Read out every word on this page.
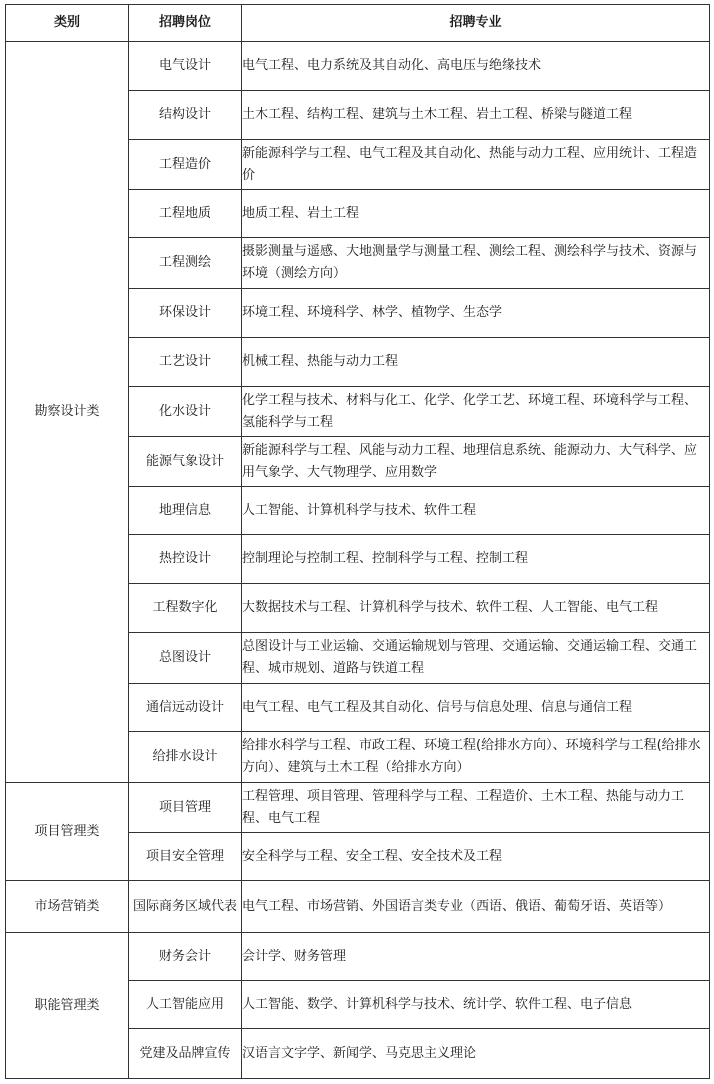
类别	招聘岗位	招聘专业
勘察设计类	电气设计	电气工程、电力系统及其自动化、高电压与绝缘技术
	结构设计	土木工程、结构工程、建筑与土木工程、岩土工程、桥梁与隧道工程
	工程造价	新能源科学与工程、电气工程及其自动化、热能与动力工程、应用统计、工程造价
	工程地质	地质工程、岩土工程
	工程测绘	摄影测量与遥感、大地测量学与测量工程、测绘工程、测绘科学与技术、资源与环境（测绘方向）
	环保设计	环境工程、环境科学、林学、植物学、生态学
	工艺设计	机械工程、热能与动力工程
	化水设计	化学工程与技术、材料与化工、化学、化学工艺、环境工程、环境科学与工程、氢能科学与工程
	能源气象设计	新能源科学与工程、风能与动力工程、地理信息系统、能源动力、大气科学、应用气象学、大气物理学、应用数学
	地理信息	人工智能、计算机科学与技术、软件工程
	热控设计	控制理论与控制工程、控制科学与工程、控制工程
	工程数字化	大数据技术与工程、计算机科学与技术、软件工程、人工智能、电气工程
	总图设计	总图设计与工业运输、交通运输规划与管理、交通运输、交通运输工程、交通工程、城市规划、道路与铁道工程
	通信远动设计	电气工程、电气工程及其自动化、信号与信息处理、信息与通信工程
	给排水设计	给排水科学与工程、市政工程、环境工程(给排水方向）、环境科学与工程(给排水方向）、建筑与土木工程（给排水方向）
项目管理类	项目管理	工程管理、项目管理、管理科学与工程、工程造价、土木工程、热能与动力工程、电气工程
	项目安全管理	安全科学与工程、安全工程、安全技术及工程
市场营销类	国际商务区域代表	电气工程、市场营销、外国语言类专业（西语、俄语、葡萄牙语、英语等）
职能管理类	财务会计	会计学、财务管理
	人工智能应用	人工智能、数学、计算机科学与技术、统计学、软件工程、电子信息
	党建及品牌宣传	汉语言文字学、新闻学、马克思主义理论
